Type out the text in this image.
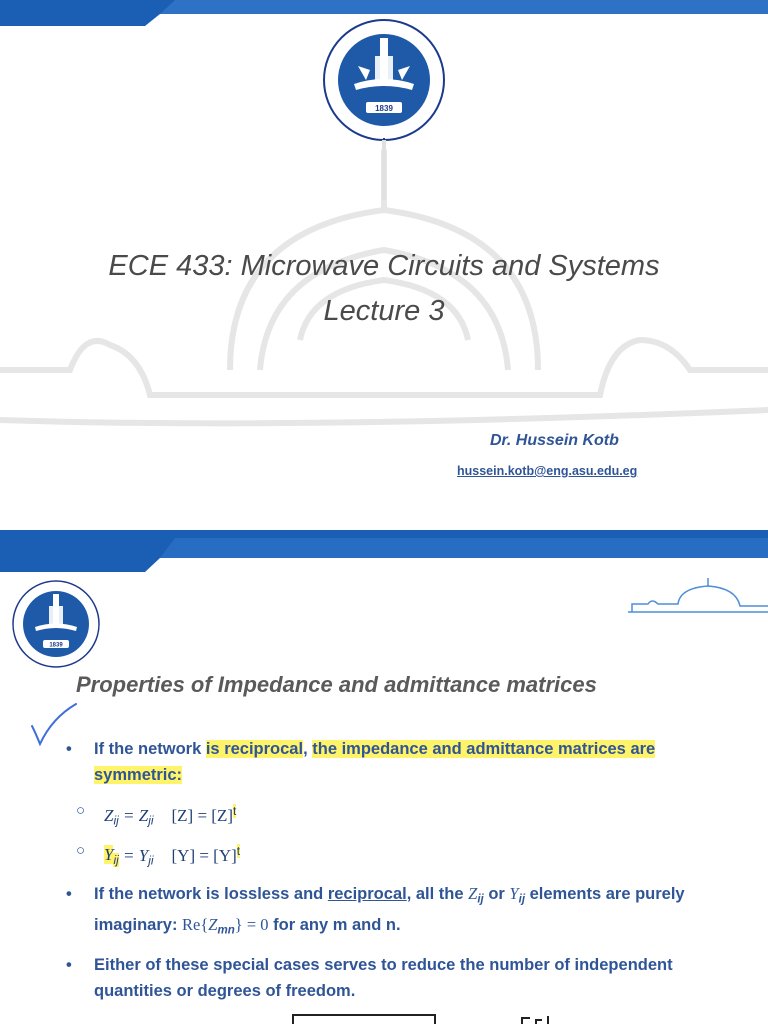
1839
ECE 433: Microwave Circuits and Systems
Lecture 3
Dr. Hussein Kotb
hussein.kotb@eng.asu.edu.eg
1839
Properties of Impedance and admittance matrices
• If the network is reciprocal, the impedance and admittance matrices are symmetric:
○ $Z_{ij} = Z_{ji}$ $[Z] = [Z]^t$
○ $Y_{ij} = Y_{ji}$ $[Y] = [Y]^t$
• If the network is lossless and reciprocal, all the $Z_{ij}$ or $Y_{ij}$ elements are purely imaginary: $Re\{Z_{mn}\} = 0$ for any m and n.
• Either of these special cases serves to reduce the number of independent quantities or degrees of freedom.
